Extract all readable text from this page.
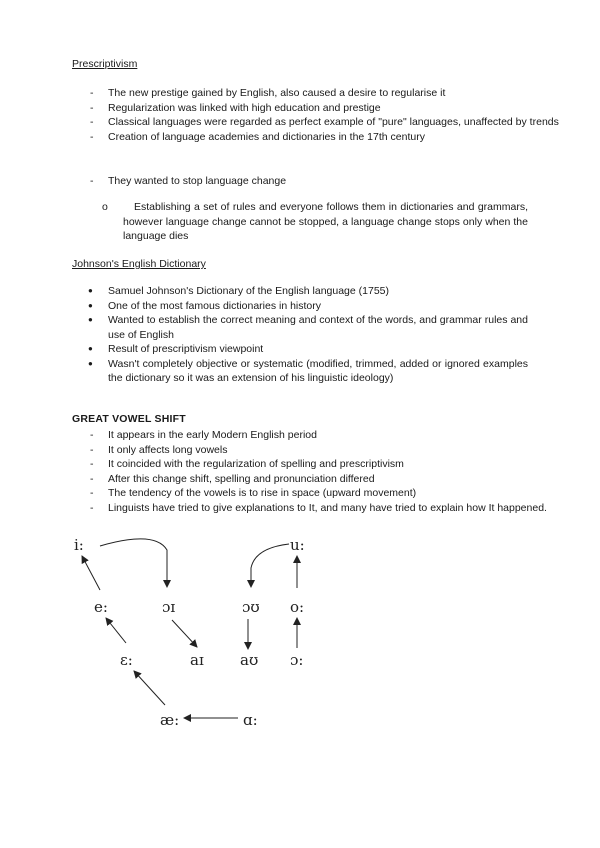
Prescriptivism
- The new prestige gained by English, also caused a desire to regularise it
- Regularization was linked with high education and prestige
- Classical languages were regarded as perfect example of "pure" languages, unaffected by trends
- Creation of language academies and dictionaries in the 17th century
- They wanted to stop language change
o	Establishing a set of rules and everyone follows them in dictionaries and grammars, however language change cannot be stopped, a language change stops only when the language dies
Johnson's English Dictionary
● Samuel Johnson's Dictionary of the English language (1755)
● One of the most famous dictionaries in history
● Wanted to establish the correct meaning and context of the words, and grammar rules and use of English
● Result of prescriptivism viewpoint
● Wasn't completely objective or systematic (modified, trimmed, added or ignored examples the dictionary so it was an extension of his linguistic ideology)
GREAT VOWEL SHIFT
- It appears in the early Modern English period
- It only affects long vowels
- It coincided with the regularization of spelling and prescriptivism
- After this change shift, spelling and pronunciation differed
- The tendency of the vowels is to rise in space (upward movement)
- Linguists have tried to give explanations to It, and many have tried to explain how It happened.
i:
e:
ɛ:
æ:	ɑ:
ɔɪ
aɪ
ɔʊ
aʊ
u:
o:
ɔ:
